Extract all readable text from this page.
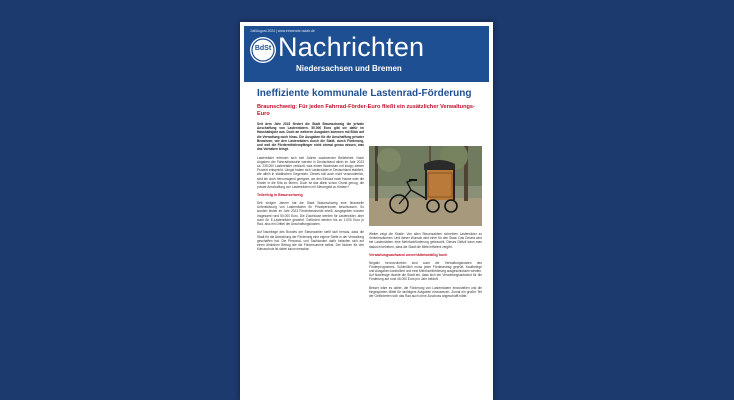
Juli/August 2024 | www.einwende-rsdah.de
BdSt Nachrichten
Niedersachsen und Bremen
Ineffiziente kommunale Lastenrad-Förderung
Braunschweig: Für jeden Fahrrad-Förder-Euro fließt ein zusätzlicher Verwaltungs-Euro

Seit dem Jahr 2023 fördert die Stadt Braunschweig die private Anschaffung von Lastenrädern. 50.000 Euro gibt sie dafür im Haushaltsjahr aus. Doch an weiteren Ausgaben kommen mit Blick auf die Verwaltung noch hinzu. Die Ausgaben für die Anschaffung privater Bewohner, wie den Lastenrädern durch die Stadt, durch Förderung, und weil die Fördermittelempfänger nicht einmal genau wissen, was das Vorhaben bringt.

Lastenräder erfreuen sich seit Jahren wachsender Beliebtheit. Nach Angaben der Fahrradindustrie werden in Deutschland allein im Jahr 2023 ca. 235.000 Lastenräder verkauft, was einem Wachstum mit knapp sieben Prozent entspricht. Längst haben sich Lastenräder in Deutschland etabliert, wie allein in städtischen Gegenden. Dieses soll auch nicht verwunderlich, sind sie doch hervorragend geeignet, um den Einkauf nach Hause oder die Kinder in die Kita zu fahren. Doch ist das allein schon Grund genug, die private Anschaffung von Lastenrädern mit Steuergeld zu fördern?

Teilerfolg in Braunschweig

Seit einigen Jahren hat die Stadt Braunschweig eine finanzielle Unterstützung von Lastenrädern für Privatpersonen beschlossen. So wurden bisher im Jahr 2023 Förderbescheide erteilt, ausgegeben wurden insgesamt rund 50.000 Euro. Die Zuschüsse werden für Lastenräder, aber auch für E-Lastenräder gewährt. Gefördert werden bis zu 1.000 Euro je Rad, also ein Drittel der Anschaffungskosten.

Auf Nachfrage des Bundes der Steuerzahler stellt sich heraus, dass die Stadt für die Abwicklung der Förderung eine eigene Stelle in der Verwaltung geschaffen hat. Die Personal- und Sachkosten dafür belaufen sich auf einen ähnlichen Betrag wie die Fördersumme selbst. Der Nutzen für den Klimaschutz ist dabei kaum messbar.

Weiter zeigt die Studie: Von allen Steuerzahlern schreiben Lastenräder zu Verkehrsräumen. Und dieser Wunsch wird einer für den Staat. Das Gesetz wird bei Lastenrädern eine Mehrfachförderung gebraucht. Dieses Defizit kann man dadurch beheben, dass die Stadt die Mittel effizient vergibt.

Verwaltungsaufwand unverhältnismäßig hoch

Negativ hervorzuheben sind auch die Verwaltungskosten des Förderprogramms. Schließlich muss jeder Förderantrag geprüft, Kaufbelege und Ausgaben kontrolliert und eine Mehrfachförderung ausgeschlossen werden. Auf Nachfrage räumte die Stadt ein, dass sich der Verwaltungsaufwand für die Förderung auf rund 46.000 Euro pro Jahr beläuft.

Besser wäre es daher, die Förderung von Lastenrädern einzustellen und die eingesparten Mittel für wichtigere Aufgaben einzusetzen. Zumal ein großer Teil der Geförderten sich das Rad auch ohne Zuschuss angeschafft hätte.
